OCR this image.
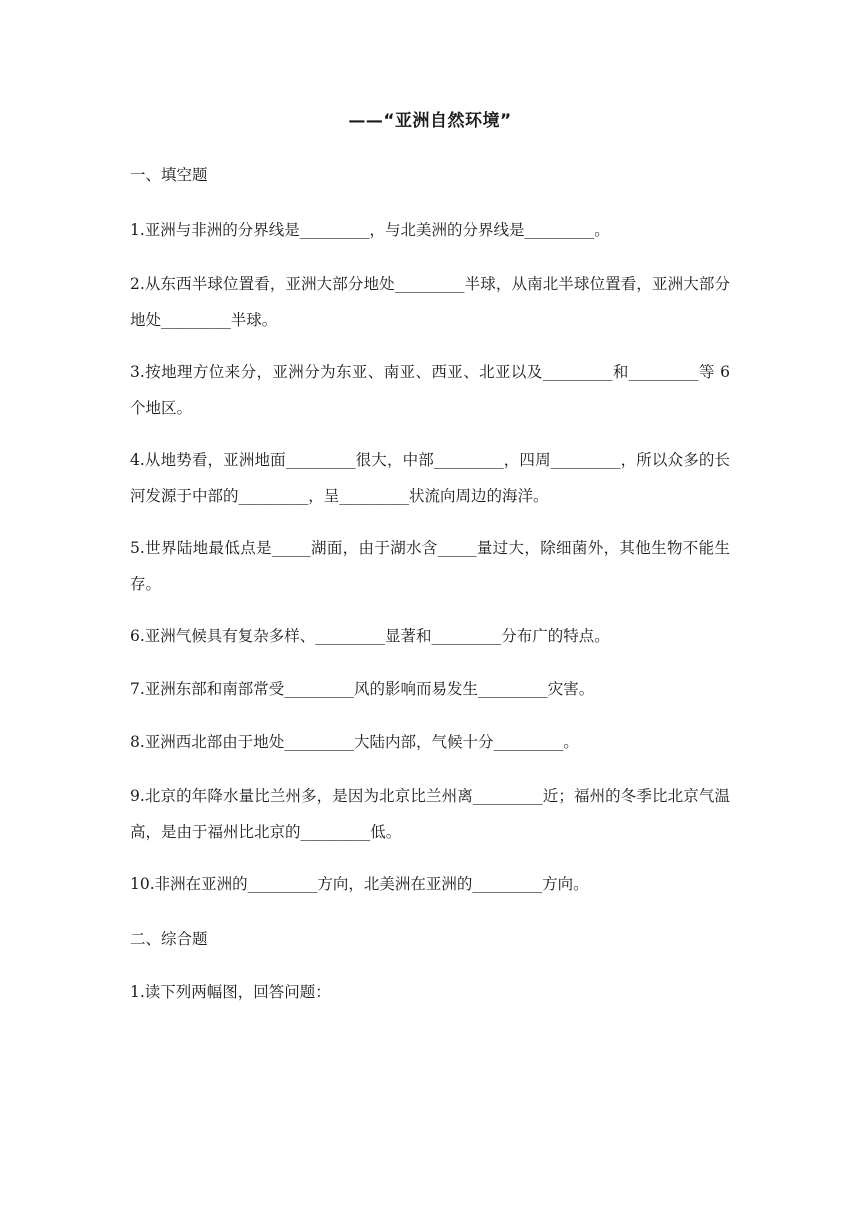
——“亚洲自然环境”
一、填空题
1.亚洲与非洲的分界线是_________，与北美洲的分界线是_________。
2.从东西半球位置看，亚洲大部分地处_________半球，从南北半球位置看，亚洲大部分地处_________半球。
3.按地理方位来分，亚洲分为东亚、南亚、西亚、北亚以及_________和_________等 6 个地区。
4.从地势看，亚洲地面_________很大，中部_________，四周_________，所以众多的长河发源于中部的_________，呈_________状流向周边的海洋。
5.世界陆地最低点是_____湖面，由于湖水含_____量过大，除细菌外，其他生物不能生存。
6.亚洲气候具有复杂多样、_________显著和_________分布广的特点。
7.亚洲东部和南部常受_________风的影响而易发生_________灾害。
8.亚洲西北部由于地处_________大陆内部，气候十分_________。
9.北京的年降水量比兰州多，是因为北京比兰州离_________近；福州的冬季比北京气温高，是由于福州比北京的_________低。
10.非洲在亚洲的_________方向，北美洲在亚洲的_________方向。
二、综合题
1.读下列两幅图，回答问题：
